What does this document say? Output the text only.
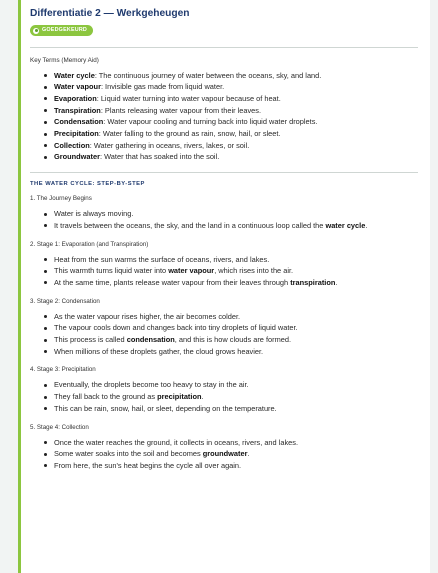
Differentiatie 2 — Werkgeheugen
GOEDGEKEURD
Key Terms (Memory Aid)
Water cycle: The continuous journey of water between the oceans, sky, and land.
Water vapour: Invisible gas made from liquid water.
Evaporation: Liquid water turning into water vapour because of heat.
Transpiration: Plants releasing water vapour from their leaves.
Condensation: Water vapour cooling and turning back into liquid water droplets.
Precipitation: Water falling to the ground as rain, snow, hail, or sleet.
Collection: Water gathering in oceans, rivers, lakes, or soil.
Groundwater: Water that has soaked into the soil.
THE WATER CYCLE: STEP-BY-STEP
1. The Journey Begins
Water is always moving.
It travels between the oceans, the sky, and the land in a continuous loop called the water cycle.
2. Stage 1: Evaporation (and Transpiration)
Heat from the sun warms the surface of oceans, rivers, and lakes.
This warmth turns liquid water into water vapour, which rises into the air.
At the same time, plants release water vapour from their leaves through transpiration.
3. Stage 2: Condensation
As the water vapour rises higher, the air becomes colder.
The vapour cools down and changes back into tiny droplets of liquid water.
This process is called condensation, and this is how clouds are formed.
When millions of these droplets gather, the cloud grows heavier.
4. Stage 3: Precipitation
Eventually, the droplets become too heavy to stay in the air.
They fall back to the ground as precipitation.
This can be rain, snow, hail, or sleet, depending on the temperature.
5. Stage 4: Collection
Once the water reaches the ground, it collects in oceans, rivers, and lakes.
Some water soaks into the soil and becomes groundwater.
From here, the sun's heat begins the cycle all over again.
